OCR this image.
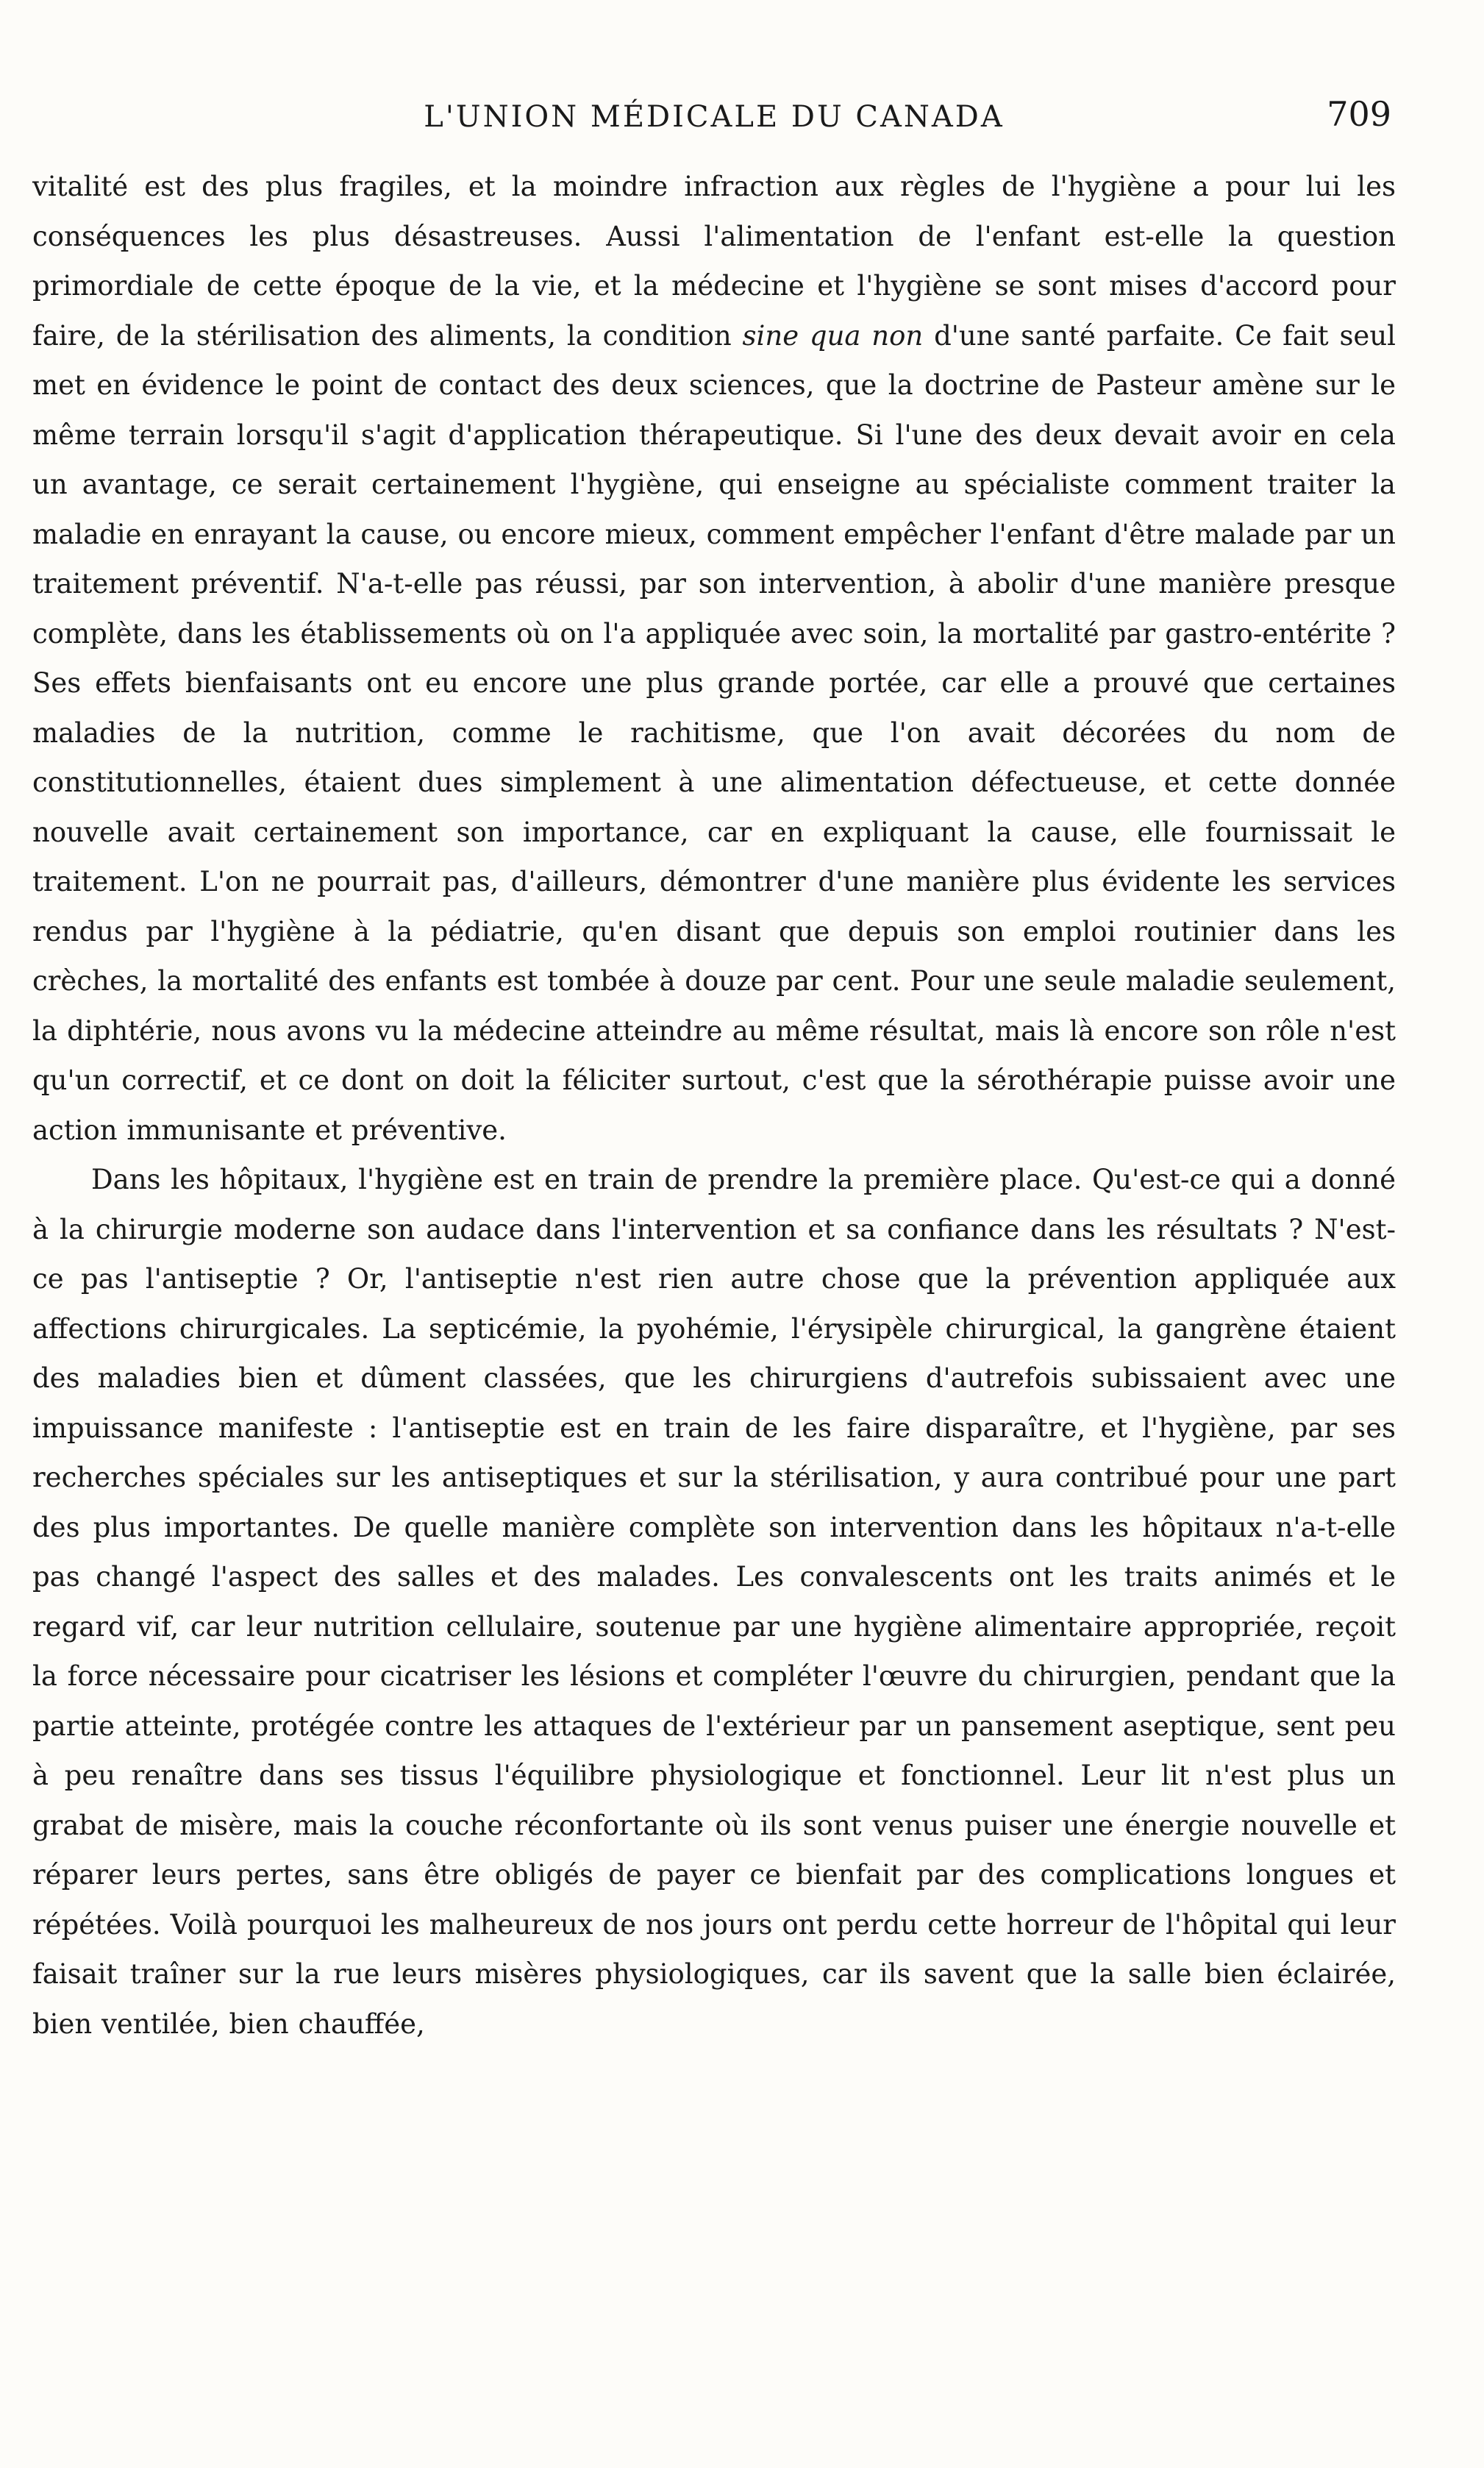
L'UNION MÉDICALE DU CANADA	709

vitalité est des plus fragiles, et la moindre infraction aux règles de l'hygiène a pour lui les conséquences les plus désastreuses. Aussi l'alimentation de l'enfant est-elle la question primordiale de cette époque de la vie, et la médecine et l'hygiène se sont mises d'accord pour faire, de la stérilisation des aliments, la condition sine qua non d'une santé parfaite. Ce fait seul met en évidence le point de contact des deux sciences, que la doctrine de Pasteur amène sur le même terrain lorsqu'il s'agit d'application thérapeutique. Si l'une des deux devait avoir en cela un avantage, ce serait certainement l'hygiène, qui enseigne au spécialiste comment traiter la maladie en enrayant la cause, ou encore mieux, comment empêcher l'enfant d'être malade par un traitement préventif. N'a-t-elle pas réussi, par son intervention, à abolir d'une manière presque complète, dans les établissements où on l'a appliquée avec soin, la mortalité par gastro-entérite ? Ses effets bienfaisants ont eu encore une plus grande portée, car elle a prouvé que certaines maladies de la nutrition, comme le rachitisme, que l'on avait décorées du nom de constitutionnelles, étaient dues simplement à une alimentation défectueuse, et cette donnée nouvelle avait certainement son importance, car en expliquant la cause, elle fournissait le traitement. L'on ne pourrait pas, d'ailleurs, démontrer d'une manière plus évidente les services rendus par l'hygiène à la pédiatrie, qu'en disant que depuis son emploi routinier dans les crèches, la mortalité des enfants est tombée à douze par cent. Pour une seule maladie seulement, la diphtérie, nous avons vu la médecine atteindre au même résultat, mais là encore son rôle n'est qu'un correctif, et ce dont on doit la féliciter surtout, c'est que la sérothérapie puisse avoir une action immunisante et préventive.

Dans les hôpitaux, l'hygiène est en train de prendre la première place. Qu'est-ce qui a donné à la chirurgie moderne son audace dans l'intervention et sa confiance dans les résultats ? N'est-ce pas l'antiseptie ? Or, l'antiseptie n'est rien autre chose que la prévention appliquée aux affections chirurgicales. La septicémie, la pyohémie, l'érysipèle chirurgical, la gangrène étaient des maladies bien et dûment classées, que les chirurgiens d'autrefois subissaient avec une impuissance manifeste : l'antiseptie est en train de les faire disparaître, et l'hygiène, par ses recherches spéciales sur les antiseptiques et sur la stérilisation, y aura contribué pour une part des plus importantes. De quelle manière complète son intervention dans les hôpitaux n'a-t-elle pas changé l'aspect des salles et des malades. Les convalescents ont les traits animés et le regard vif, car leur nutrition cellulaire, soutenue par une hygiène alimentaire appropriée, reçoit la force nécessaire pour cicatriser les lésions et compléter l'œuvre du chirurgien, pendant que la partie atteinte, protégée contre les attaques de l'extérieur par un pansement aseptique, sent peu à peu renaître dans ses tissus l'équilibre physiologique et fonctionnel. Leur lit n'est plus un grabat de misère, mais la couche réconfortante où ils sont venus puiser une énergie nouvelle et réparer leurs pertes, sans être obligés de payer ce bienfait par des complications longues et répétées. Voilà pourquoi les malheureux de nos jours ont perdu cette horreur de l'hôpital qui leur faisait traîner sur la rue leurs misères physiologiques, car ils savent que la salle bien éclairée, bien ventilée, bien chauffée,
